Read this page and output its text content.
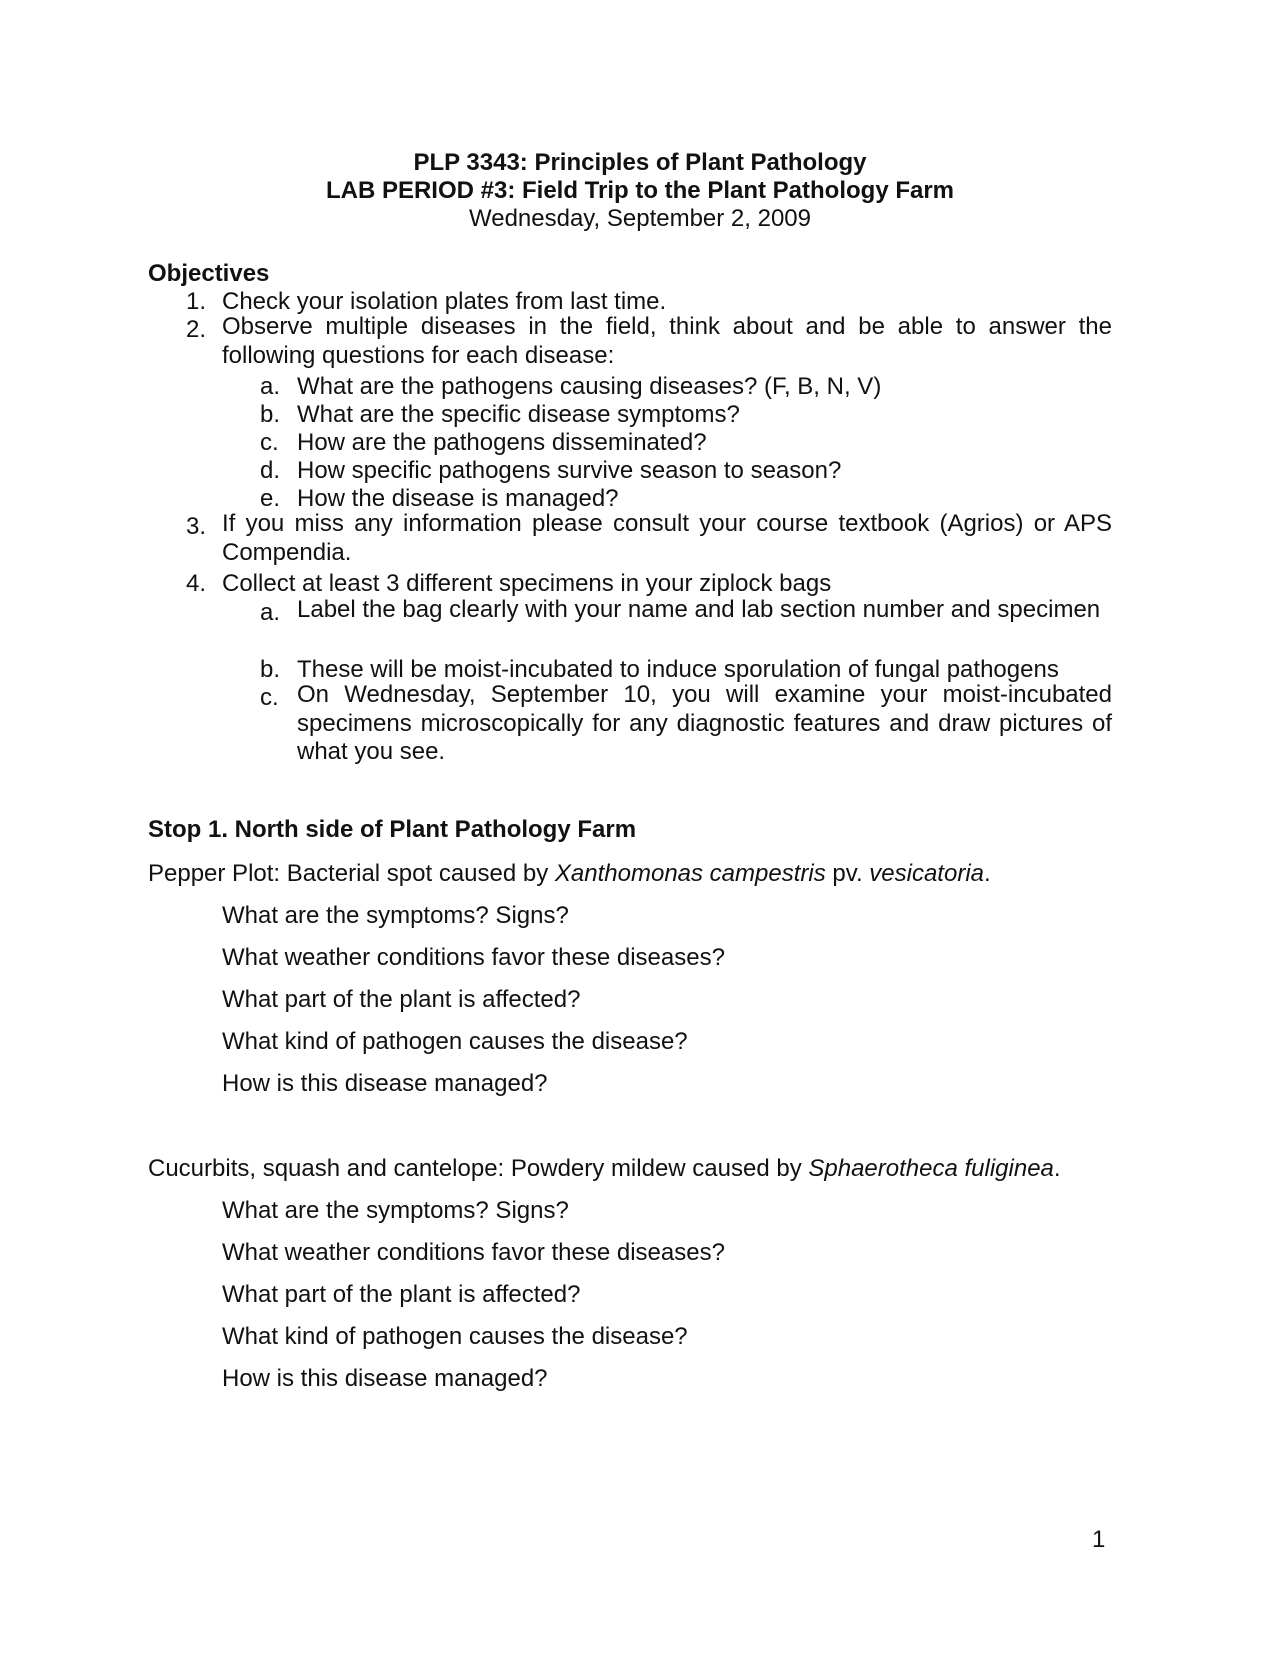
PLP 3343: Principles of Plant Pathology
LAB PERIOD #3: Field Trip to the Plant Pathology Farm
Wednesday, September 2, 2009
Objectives
1. Check your isolation plates from last time.
2. Observe multiple diseases in the field, think about and be able to answer the following questions for each disease:
a. What are the pathogens causing diseases? (F, B, N, V)
b. What are the specific disease symptoms?
c. How are the pathogens disseminated?
d. How specific pathogens survive season to season?
e. How the disease is managed?
3. If you miss any information please consult your course textbook (Agrios) or APS Compendia.
4. Collect at least 3 different specimens in your ziplock bags
a. Label the bag clearly with your name and lab section number and specimen
b. These will be moist-incubated to induce sporulation of fungal pathogens
c. On Wednesday, September 10, you will examine your moist-incubated specimens microscopically for any diagnostic features and draw pictures of what you see.
Stop 1. North side of Plant Pathology Farm
Pepper Plot: Bacterial spot caused by Xanthomonas campestris pv. vesicatoria.
What are the symptoms? Signs?
What weather conditions favor these diseases?
What part of the plant is affected?
What kind of pathogen causes the disease?
How is this disease managed?
Cucurbits, squash and cantelope: Powdery mildew caused by Sphaerotheca fuliginea.
What are the symptoms? Signs?
What weather conditions favor these diseases?
What part of the plant is affected?
What kind of pathogen causes the disease?
How is this disease managed?
1
